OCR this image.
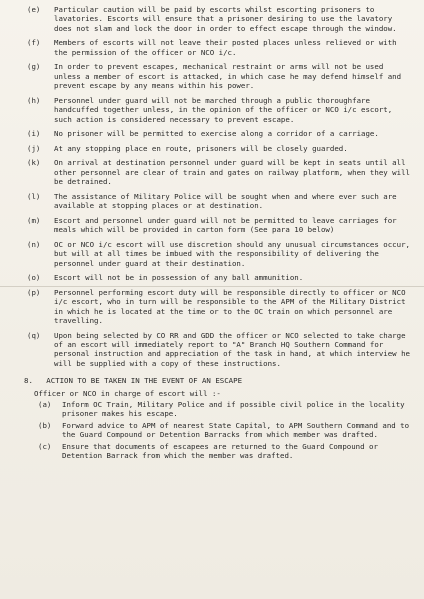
(e) Particular caution will be paid by escorts whilst escorting prisoners to lavatories. Escorts will ensure that a prisoner desiring to use the lavatory does not slam and lock the door in order to effect escape through the window.
(f) Members of escorts will not leave their posted places unless relieved or with the permission of the officer or NCO i/c.
(g) In order to prevent escapes, mechanical restraint or arms will not be used unless a member of escort is attacked, in which case he may defend himself and prevent escape by any means within his power.
(h) Personnel under guard will not be marched through a public thoroughfare handcuffed together unless, in the opinion of the officer or NCO i/c escort, such action is considered necessary to prevent escape.
(i) No prisoner will be permitted to exercise along a corridor of a carriage.
(j) At any stopping place en route, prisoners will be closely guarded.
(k) On arrival at destination personnel under guard will be kept in seats until all other personnel are clear of train and gates on railway platform, when they will be detrained.
(l) The assistance of Military Police will be sought when and where ever such are available at stopping places or at destination.
(m) Escort and personnel under guard will not be permitted to leave carriages for meals which will be provided in carton form (See para 10 below)
(n) OC or NCO i/c escort will use discretion should any unusual circumstances occur, but will at all times be imbued with the responsibility of delivering the personnel under guard at their destination.
(o) Escort will not be in possession of any ball ammunition.
(p) Personnel performing escort duty will be responsible directly to officer or NCO i/c escort, who in turn will be responsible to the APM of the Military District in which he is located at the time or to the OC train on which personnel are travelling.
(q) Upon being selected by CO RR and GDD the officer or NCO selected to take charge of an escort will immediately report to "A" Branch HQ Southern Command for personal instruction and appreciation of the task in hand, at which interview he will be supplied with a copy of these instructions.
8.   ACTION TO BE TAKEN IN THE EVENT OF AN ESCAPE
Officer or NCO in charge of escort will :-
(a) Inform OC Train, Military Police and if possible civil police in the locality prisoner makes his escape.
(b) Forward advice to APM of nearest State Capital, to APM Southern Command and to the Guard Compound or Detention Barracks from which member was drafted.
(c) Ensure that documents of escapees are returned to the Guard Compound or Detention Barrack from which the member was drafted.
